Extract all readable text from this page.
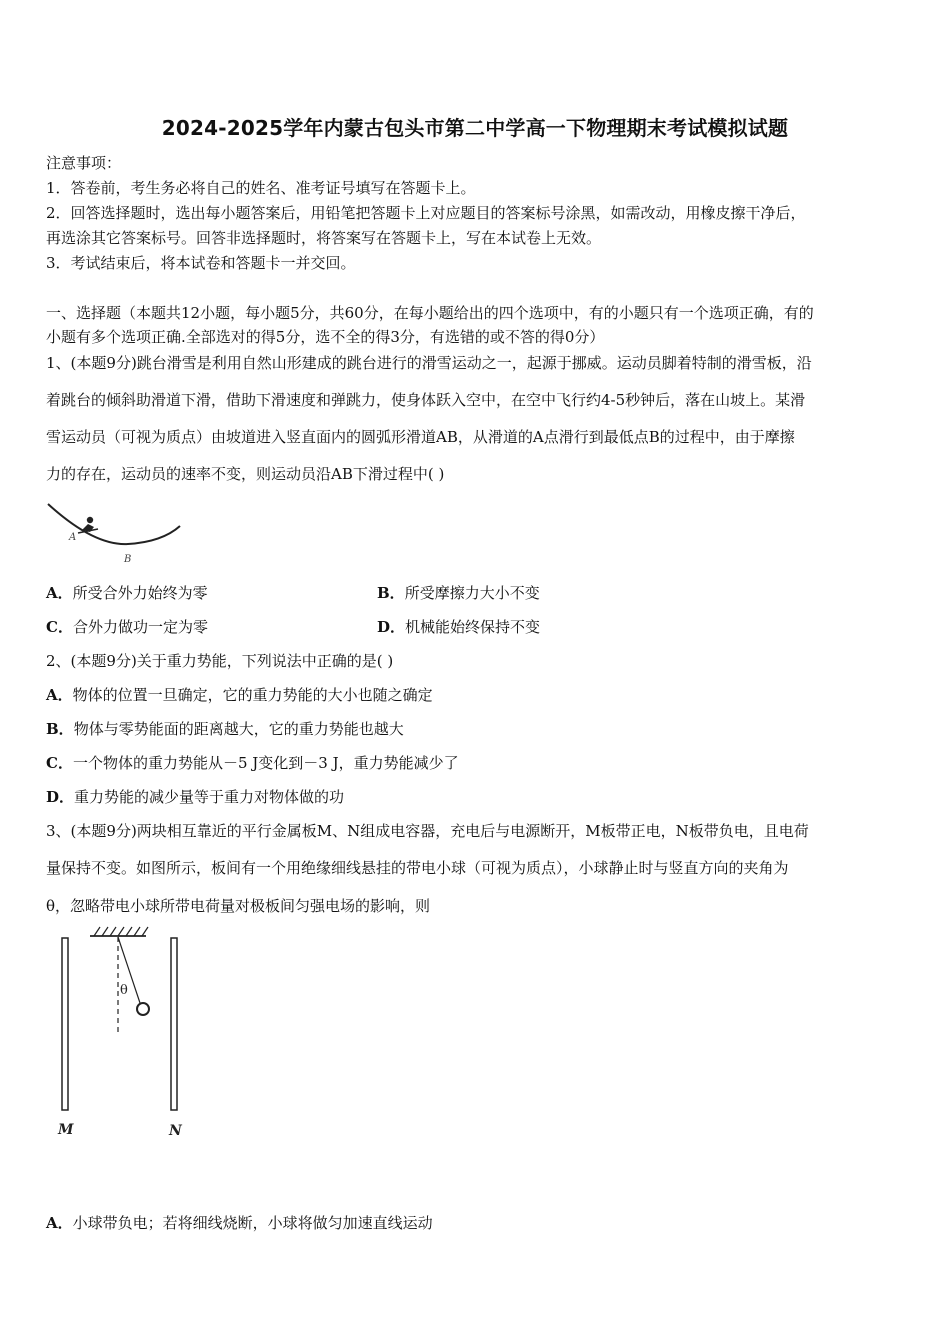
2024-2025学年内蒙古包头市第二中学高一下物理期末考试模拟试题
注意事项：
1．答卷前，考生务必将自己的姓名、准考证号填写在答题卡上。
2．回答选择题时，选出每小题答案后，用铅笔把答题卡上对应题目的答案标号涂黑，如需改动，用橡皮擦干净后，
再选涂其它答案标号。回答非选择题时，将答案写在答题卡上，写在本试卷上无效。
3．考试结束后，将本试卷和答题卡一并交回。
一、选择题（本题共12小题，每小题5分，共60分，在每小题给出的四个选项中，有的小题只有一个选项正确，有的
小题有多个选项正确.全部选对的得5分，选不全的得3分，有选错的或不答的得0分）
1、(本题9分)跳台滑雪是利用自然山形建成的跳台进行的滑雪运动之一，起源于挪威。运动员脚着特制的滑雪板，沿
着跳台的倾斜助滑道下滑，借助下滑速度和弹跳力，使身体跃入空中，在空中飞行约4-5秒钟后，落在山坡上。某滑
雪运动员（可视为质点）由坡道进入竖直面内的圆弧形滑道AB，从滑道的A点滑行到最低点B的过程中，由于摩擦
力的存在，运动员的速率不变，则运动员沿AB下滑过程中( )
A
B
A．所受合外力始终为零	B．所受摩擦力大小不变
C．合外力做功一定为零	D．机械能始终保持不变
2、(本题9分)关于重力势能，下列说法中正确的是( )
A．物体的位置一旦确定，它的重力势能的大小也随之确定
B．物体与零势能面的距离越大，它的重力势能也越大
C．一个物体的重力势能从－5 J变化到－3 J，重力势能减少了
D．重力势能的减少量等于重力对物体做的功
3、(本题9分)两块相互靠近的平行金属板M、N组成电容器，充电后与电源断开，M板带正电，N板带负电，且电荷
量保持不变。如图所示，板间有一个用绝缘细线悬挂的带电小球（可视为质点），小球静止时与竖直方向的夹角为
θ，忽略带电小球所带电荷量对极板间匀强电场的影响，则
θ
M	N
A．小球带负电；若将细线烧断，小球将做匀加速直线运动
